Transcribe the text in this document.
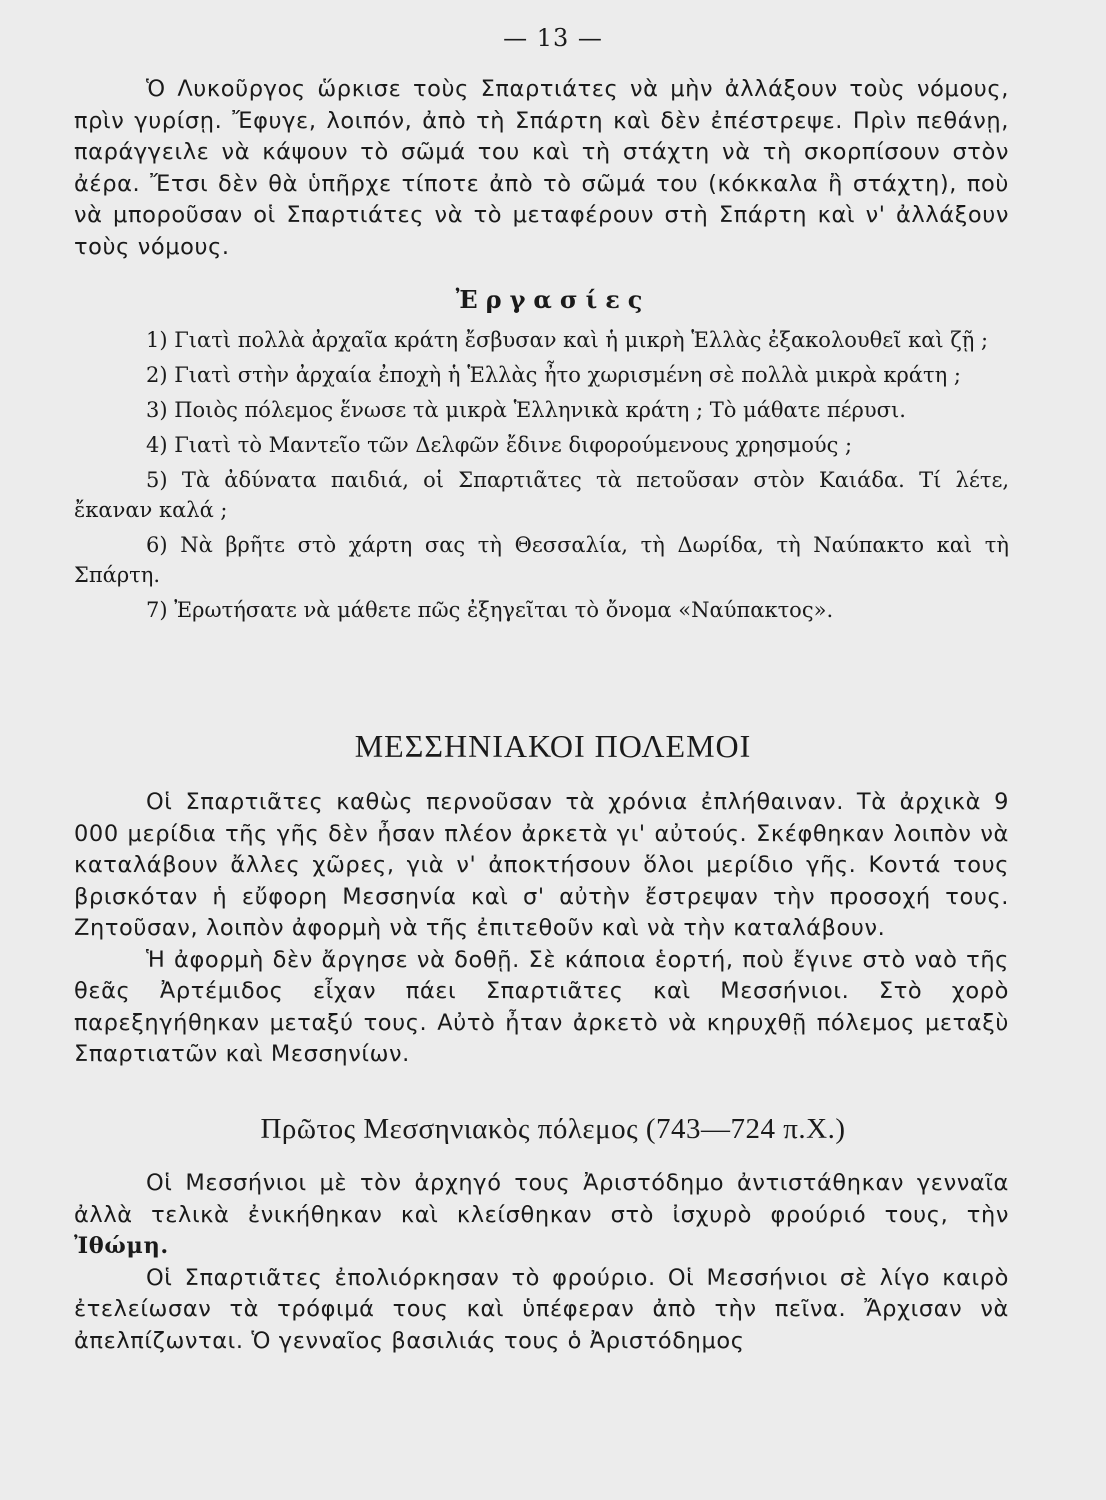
— 13 —

Ὁ Λυκοῦργος ὥρκισε τοὺς Σπαρτιάτες νὰ μὴν ἀλλάξουν τοὺς νόμους, πρὶν γυρίσῃ. Ἔφυγε, λοιπόν, ἀπὸ τὴ Σπάρτη καὶ δὲν ἐπέστρεψε. Πρὶν πεθάνῃ, παράγγειλε νὰ κάψουν τὸ σῶμά του καὶ τὴ στάχτη νὰ τὴ σκορπίσουν στὸν ἀέρα. Ἔτσι δὲν θὰ ὑπῆρχε τίποτε ἀπὸ τὸ σῶμά του (κόκκαλα ἢ στάχτη), ποὺ νὰ μποροῦσαν οἱ Σπαρτιάτες νὰ τὸ μεταφέρουν στὴ Σπάρτη καὶ ν' ἀλλάξουν τοὺς νόμους.

Ἐργασίες

1) Γιατὶ πολλὰ ἀρχαῖα κράτη ἔσβυσαν καὶ ἡ μικρὴ Ἑλλὰς ἐξακολουθεῖ καὶ ζῇ ;

2) Γιατὶ στὴν ἀρχαία ἐποχὴ ἡ Ἑλλὰς ἦτο χωρισμένη σὲ πολλὰ μικρὰ κράτη ;

3) Ποιὸς πόλεμος ἕνωσε τὰ μικρὰ Ἑλληνικὰ κράτη ; Τὸ μάθατε πέρυσι.

4) Γιατὶ τὸ Μαντεῖο τῶν Δελφῶν ἔδινε διφορούμενους χρησμούς ;

5) Τὰ ἀδύνατα παιδιά, οἱ Σπαρτιᾶτες τὰ πετοῦσαν στὸν Καιάδα. Τί λέτε, ἔκαναν καλά ;

6) Νὰ βρῆτε στὸ χάρτη σας τὴ Θεσσαλία, τὴ Δωρίδα, τὴ Ναύπακτο καὶ τὴ Σπάρτη.

7) Ἐρωτήσατε νὰ μάθετε πῶς ἐξηγεῖται τὸ ὄνομα «Ναύπακτος».

ΜΕΣΣΗΝΙΑΚΟΙ ΠΟΛΕΜΟΙ

Οἱ Σπαρτιᾶτες καθὼς περνοῦσαν τὰ χρόνια ἐπλήθαιναν. Τὰ ἀρχικὰ 9 000 μερίδια τῆς γῆς δὲν ἦσαν πλέον ἀρκετὰ γι' αὐτούς. Σκέφθηκαν λοιπὸν νὰ καταλάβουν ἄλλες χῶρες, γιὰ ν' ἀποκτήσουν ὅλοι μερίδιο γῆς. Κοντά τους βρισκόταν ἡ εὔφορη Μεσσηνία καὶ σ' αὐτὴν ἔστρεψαν τὴν προσοχή τους. Ζητοῦσαν, λοιπὸν ἀφορμὴ νὰ τῆς ἐπιτεθοῦν καὶ νὰ τὴν καταλάβουν.

Ἡ ἀφορμὴ δὲν ἄργησε νὰ δοθῇ. Σὲ κάποια ἑορτή, ποὺ ἔγινε στὸ ναὸ τῆς θεᾶς Ἀρτέμιδος εἶχαν πάει Σπαρτιᾶτες καὶ Μεσσήνιοι. Στὸ χορὸ παρεξηγήθηκαν μεταξύ τους. Αὐτὸ ἦταν ἀρκετὸ νὰ κηρυχθῇ πόλεμος μεταξὺ Σπαρτιατῶν καὶ Μεσσηνίων.

Πρῶτος Μεσσηνιακὸς πόλεμος (743—724 π.Χ.)

Οἱ Μεσσήνιοι μὲ τὸν ἀρχηγό τους Ἀριστόδημο ἀντιστάθηκαν γενναῖα ἀλλὰ τελικὰ ἐνικήθηκαν καὶ κλείσθηκαν στὸ ἰσχυρὸ φρούριό τους, τὴν Ἰθώμη.

Οἱ Σπαρτιᾶτες ἐπολιόρκησαν τὸ φρούριο. Οἱ Μεσσήνιοι σὲ λίγο καιρὸ ἐτελείωσαν τὰ τρόφιμά τους καὶ ὑπέφεραν ἀπὸ τὴν πεῖνα. Ἄρχισαν νὰ ἀπελπίζωνται. Ὁ γενναῖος βασιλιάς τους ὁ Ἀριστόδημος
